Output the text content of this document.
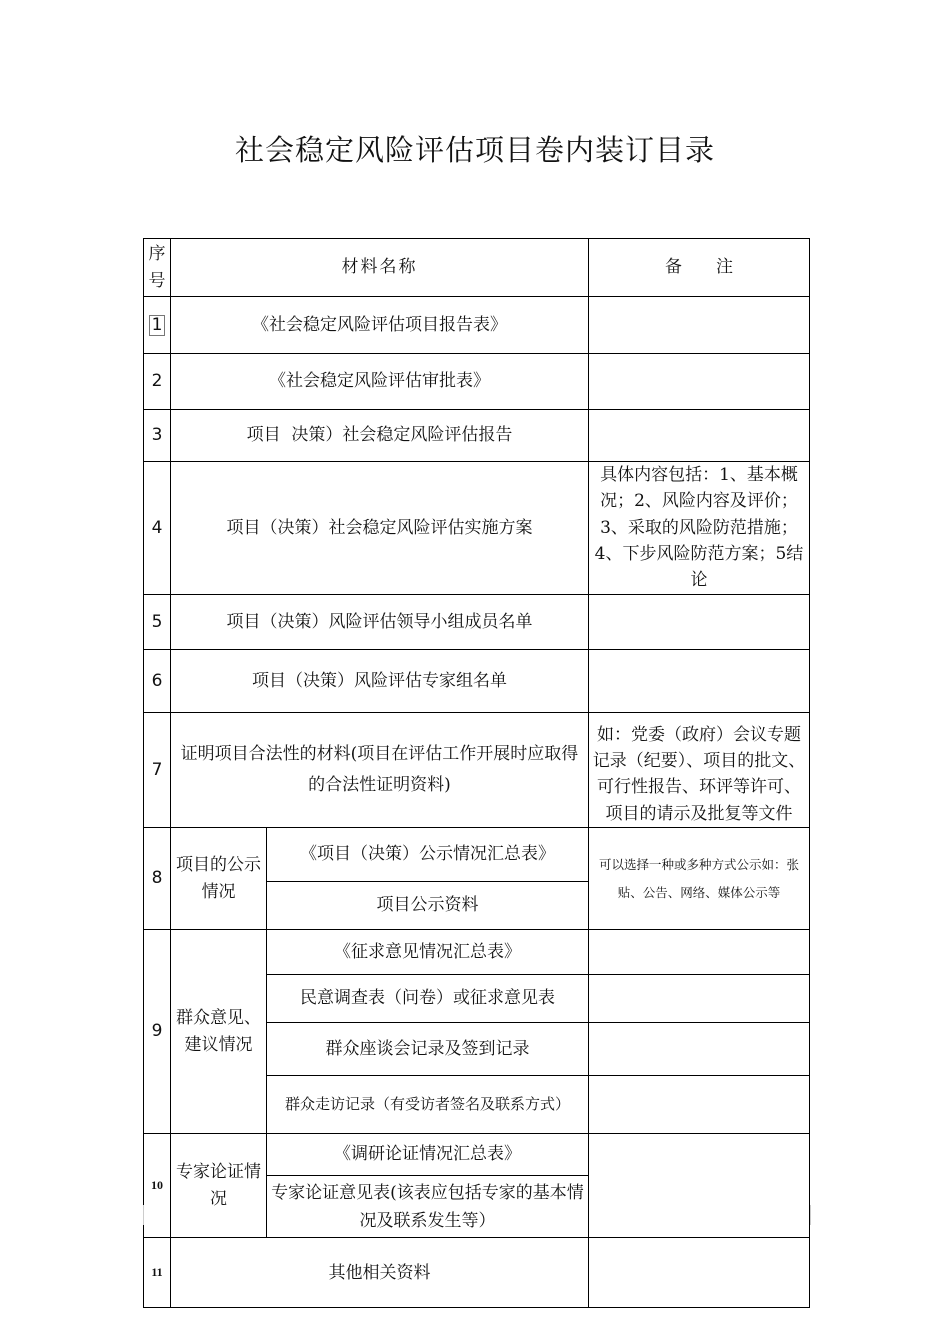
社会稳定风险评估项目卷内装订目录
序号	材料名称		备　　注
1	《社会稳定风险评估项目报告表》		
2	《社会稳定风险评估审批表》		
3	项目  决策）社会稳定风险评估报告		
4	项目（决策）社会稳定风险评估实施方案		具体内容包括：1、基本概况；2、风险内容及评价；3、采取的风险防范措施；4、下步风险防范方案；5结论
5	项目（决策）风险评估领导小组成员名单		
6	项目（决策）风险评估专家组名单		
7	证明项目合法性的材料(项目在评估工作开展时应取得的合法性证明资料)		如：党委（政府）会议专题记录（纪要）、项目的批文、可行性报告、环评等许可、项目的请示及批复等文件
8	项目的公示情况	《项目（决策）公示情况汇总表》	可以选择一种或多种方式公示如：张贴、公告、网络、媒体公示等
		项目公示资料	
9	群众意见、建议情况	《征求意见情况汇总表》	
		民意调查表（问卷）或征求意见表	
		群众座谈会记录及签到记录	
		群众走访记录（有受访者签名及联系方式）	
10	专家论证情况	《调研论证情况汇总表》	
		专家论证意见表(该表应包括专家的基本情况及联系发生等）	
11	其他相关资料		
